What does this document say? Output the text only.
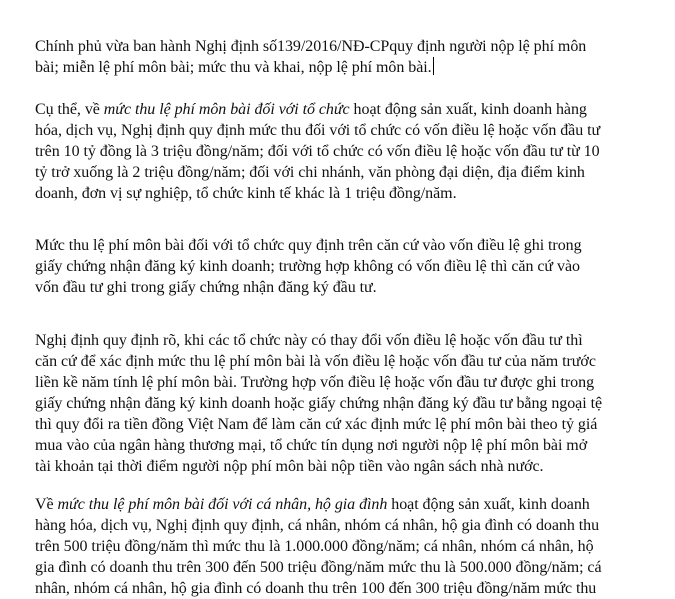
Chính phủ vừa ban hành Nghị định số139/2016/NĐ-CPquy định người nộp lệ phí môn
bài; miễn lệ phí môn bài; mức thu và khai, nộp lệ phí môn bài.

Cụ thể, về mức thu lệ phí môn bài đối với tổ chức hoạt động sản xuất, kinh doanh hàng
hóa, dịch vụ, Nghị định quy định mức thu đối với tổ chức có vốn điều lệ hoặc vốn đầu tư
trên 10 tỷ đồng là 3 triệu đồng/năm; đối với tổ chức có vốn điều lệ hoặc vốn đầu tư từ 10
tỷ trở xuống là 2 triệu đồng/năm; đối với chi nhánh, văn phòng đại diện, địa điểm kinh
doanh, đơn vị sự nghiệp, tổ chức kinh tế khác là 1 triệu đồng/năm.

Mức thu lệ phí môn bài đối với tổ chức quy định trên căn cứ vào vốn điều lệ ghi trong
giấy chứng nhận đăng ký kinh doanh; trường hợp không có vốn điều lệ thì căn cứ vào
vốn đầu tư ghi trong giấy chứng nhận đăng ký đầu tư.

Nghị định quy định rõ, khi các tổ chức này có thay đổi vốn điều lệ hoặc vốn đầu tư thì
căn cứ để xác định mức thu lệ phí môn bài là vốn điều lệ hoặc vốn đầu tư của năm trước
liền kề năm tính lệ phí môn bài. Trường hợp vốn điều lệ hoặc vốn đầu tư được ghi trong
giấy chứng nhận đăng ký kinh doanh hoặc giấy chứng nhận đăng ký đầu tư bằng ngoại tệ
thì quy đổi ra tiền đồng Việt Nam để làm căn cứ xác định mức lệ phí môn bài theo tỷ giá
mua vào của ngân hàng thương mại, tổ chức tín dụng nơi người nộp lệ phí môn bài mở
tài khoản tại thời điểm người nộp phí môn bài nộp tiền vào ngân sách nhà nước.

Về mức thu lệ phí môn bài đối với cá nhân, hộ gia đình hoạt động sản xuất, kinh doanh
hàng hóa, dịch vụ, Nghị định quy định, cá nhân, nhóm cá nhân, hộ gia đình có doanh thu
trên 500 triệu đồng/năm thì mức thu là 1.000.000 đồng/năm; cá nhân, nhóm cá nhân, hộ
gia đình có doanh thu trên 300 đến 500 triệu đồng/năm mức thu là 500.000 đồng/năm; cá
nhân, nhóm cá nhân, hộ gia đình có doanh thu trên 100 đến 300 triệu đồng/năm mức thu
